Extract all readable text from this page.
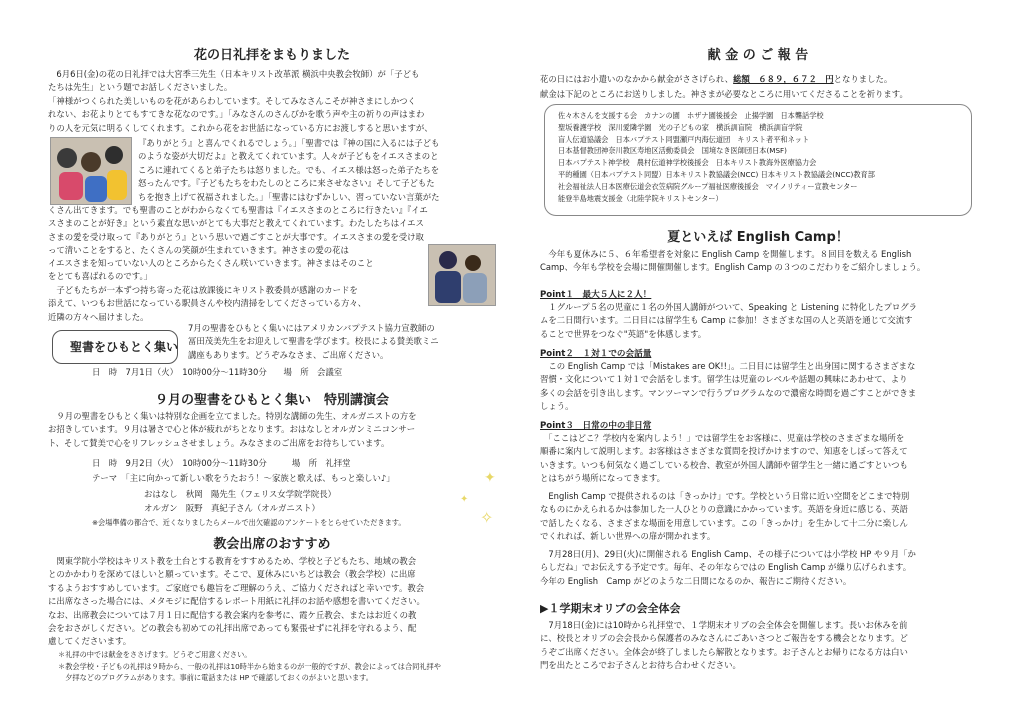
花の日礼拝をまもりました

　6月6日(金)の花の日礼拝では大宮季三先生（日本キリスト改革派 横浜中央教会牧師）が「子ども
たちは先生」という題でお話しくださいました。
「神様がつくられた美しいものを花があらわしています。そしてみなさんこそが神さまにしかつく
れない、お花よりとてもすてきな花なのです。」「みなさんのさんびかを歌う声や主の祈りの声はまわ
りの人を元気に明るくしてくれます。これから花をお世話になっている方にお渡しすると思いますが、

『ありがとう』と喜んでくれるでしょう。」「聖書では『神の国に入るには子ども
のような姿が大切だよ』と教えてくれています。人々が子どもをイエスさまのと
ころに連れてくると弟子たちは怒りました。でも、イエス様は怒った弟子たちを
怒ったんです。『子どもたちをわたしのところに来させなさい』そして子どもた
ちを抱き上げて祝福されました。」「聖書にはむずかしい、習っていない言葉がた

くさん出てきます。でも聖書のことがわからなくても聖書は『イエスさまのところに行きたい』『イエ
スさまのことが好き』という素直な思いがとても大事だと教えてくれています。わたしたちはイエス
さまの愛を受け取って『ありがとう』という思いで過ごすことが大事です。イエスさまの愛を受け取
って清いことをすると、たくさんの笑顔が生まれていきます。神さまの愛の花は

イエスさまを知っていない人のところからたくさん咲いていきます。神さまはそのこと
をとても喜ばれるのです。」

　子どもたちが一本ずつ持ち寄った花は放課後にキリスト教委員が感謝のカードを
添えて、いつもお世話になっている駅員さんや校内清掃をしてくださっている方々、
近隣の方々へ届けました。

聖書をひもとく集い

7月の聖書をひもとく集いにはアメリカンバプテスト協力宣教師の
冨田茂美先生をお迎えして聖書を学びます。校長による賛美歌ミニ
講座もあります。どうぞみなさま、ご出席ください。

日　時　7月1日（火）　10時00分～11時30分　　場　所　会議室

９月の聖書をひもとく集い　特別講演会

　９月の聖書をひもとく集いは特別な企画を立てました。特別な講師の先生、オルガニストの方を
お招きしています。９月は暑さで心と体が疲れがちとなります。おはなしとオルガンミニコンサー
ト、そして賛美で心をリフレッシュさせましょう。みなさまのご出席をお待ちしています。

日　時　9月2日（火）　10時00分～11時30分　　　場　所　礼拝堂

テーマ　「主に向かって新しい歌をうたおう！～家族と歌えば、もっと楽しい♪」

おはなし　秋岡　陽先生（フェリス女学院学院長）

オルガン　阪野　真紀子さん（オルガニスト）

※会場準備の都合で、近くなりましたらメールで出欠確認のアンケートをとらせていただきます。

✦
✦
✧
教会出席のおすすめ

　関東学院小学校はキリスト教を土台とする教育をすすめるため、学校と子どもたち、地域の教会
とのかかわりを深めてほしいと願っています。そこで、夏休みにいちどは教会（教会学校）に出席
するようおすすめしています。ご家庭でも趣旨をご理解のうえ、ご協力くださればと幸いです。教会
に出席なさった場合には、メタモジに配信するレポート用紙に礼拝のお話や感想を書いてください。
なお、出席教会については７月１日に配信する教会案内を参考に、霞ケ丘教会、またはお近くの教
会をおさがしください。どの教会も初めての礼拝出席であっても緊張せずに礼拝を守れるよう、配
慮してくださいます。

＊礼拝の中では献金をささげます。どうぞご用意ください。

＊教会学校・子どもの礼拝は９時から、一般の礼拝は10時半から始まるのが一般的ですが、教会によっては合同礼拝や
　夕拝などのプログラムがあります。事前に電話または HP で確認しておくのがよいと思います。

献 金 の ご 報 告

花の日にはお小遣いのなかから献金がささげられ、総額　６８９，６７２　円となりました。

献金は下記のところにお送りしました。神さまが必要なところに用いてくださることを祈ります。

佐々木さんを支援する会　カナンの園　ホザナ園後援会　止揚学園　日本聾話学校

聖坂養護学校　深川愛隣学園　光の子どもの家　横浜訓盲院　横浜訓盲学院

盲人伝道協議会　日本バプテスト同盟瀬戸内海伝道団　キリスト者平和ネット

日本基督教団神奈川教区寿地区活動委員会　国境なき医師団日本(MSF)

日本バプテスト神学校　農村伝道神学校後援会　日本キリスト教海外医療協力会

平的種園（日本バプテスト同盟）日本キリスト教協議会(NCC) 日本キリスト教協議会(NCC)教育部

社会福祉法人日本医療伝道会衣笠病院グループ福祉医療後援会　マイノリティー宣教センター

能登半島地震支援金（北陸学院キリストセンター）

夏といえば English Camp！

　今年も夏休みに５、６年希望者を対象に English Camp を開催します。８回目を数える English
Camp、今年も学校を会場に開催開催します。English Camp の３つのこだわりをご紹介しましょう。

Point１　最大５人に２人！

　１グループ５名の児童に１名の外国人講師がついて、Speaking と Listening に特化したプログラ
ムを二日間行います。二日目には留学生も Camp に参加！さまざまな国の人と英語を通じて交流す
ることで世界をつなぐ"英語"を体感します。

Point２　１対１での会話量

　この English Camp では「Mistakes are OK!!」。二日目には留学生と出身国に関するさまざまな
習慣・文化について１対１で会話をします。留学生は児童のレベルや話題の興味にあわせて、より
多くの会話を引き出します。マンツーマンで行うプログラムなので濃密な時間を過ごすことができま
しょう。

Point３　日常の中の非日常

　「ここはどこ？学校内を案内しよう！」では留学生をお客様に、児童は学校のさまざまな場所を
順番に案内して説明します。お客様はさまざまな質問を投げかけますので、知恵をしぼって答えて
いきます。いつも何気なく過ごしている校舎、教室が外国人講師や留学生と一緒に過ごすといつも
とはちがう場所になってきます。

　English Camp で提供されるのは「きっかけ」です。学校という日常に近い空間をどこまで特別
なものにかえられるかは参加した一人ひとりの意識にかかっています。英語を身近に感じる、英語
で話したくなる、さまざまな場面を用意しています。この「きっかけ」を生かして十二分に楽しん
でくれれば、新しい世界への扉が開かれます。

　7月28日(月)、29日(火)に開催される English Camp、その様子については小学校 HP や９月「か
らしだね」でお伝えする予定です。毎年、その年ならではの English Camp が繰り広げられます。
今年の English　Camp がどのような二日間になるのか、報告にご期待ください。

▶１学期末オリブの会全体会

　7月18日(金)には10時から礼拝堂で、１学期末オリブの会全体会を開催します。長いお休みを前
に、校長とオリブの会会長から保護者のみなさんにごあいさつとご報告をする機会となります。ど
うぞご出席ください。全体会が終了しましたら解散となります。お子さんとお帰りになる方は白い
門を出たところでお子さんとお待ち合わせください。
